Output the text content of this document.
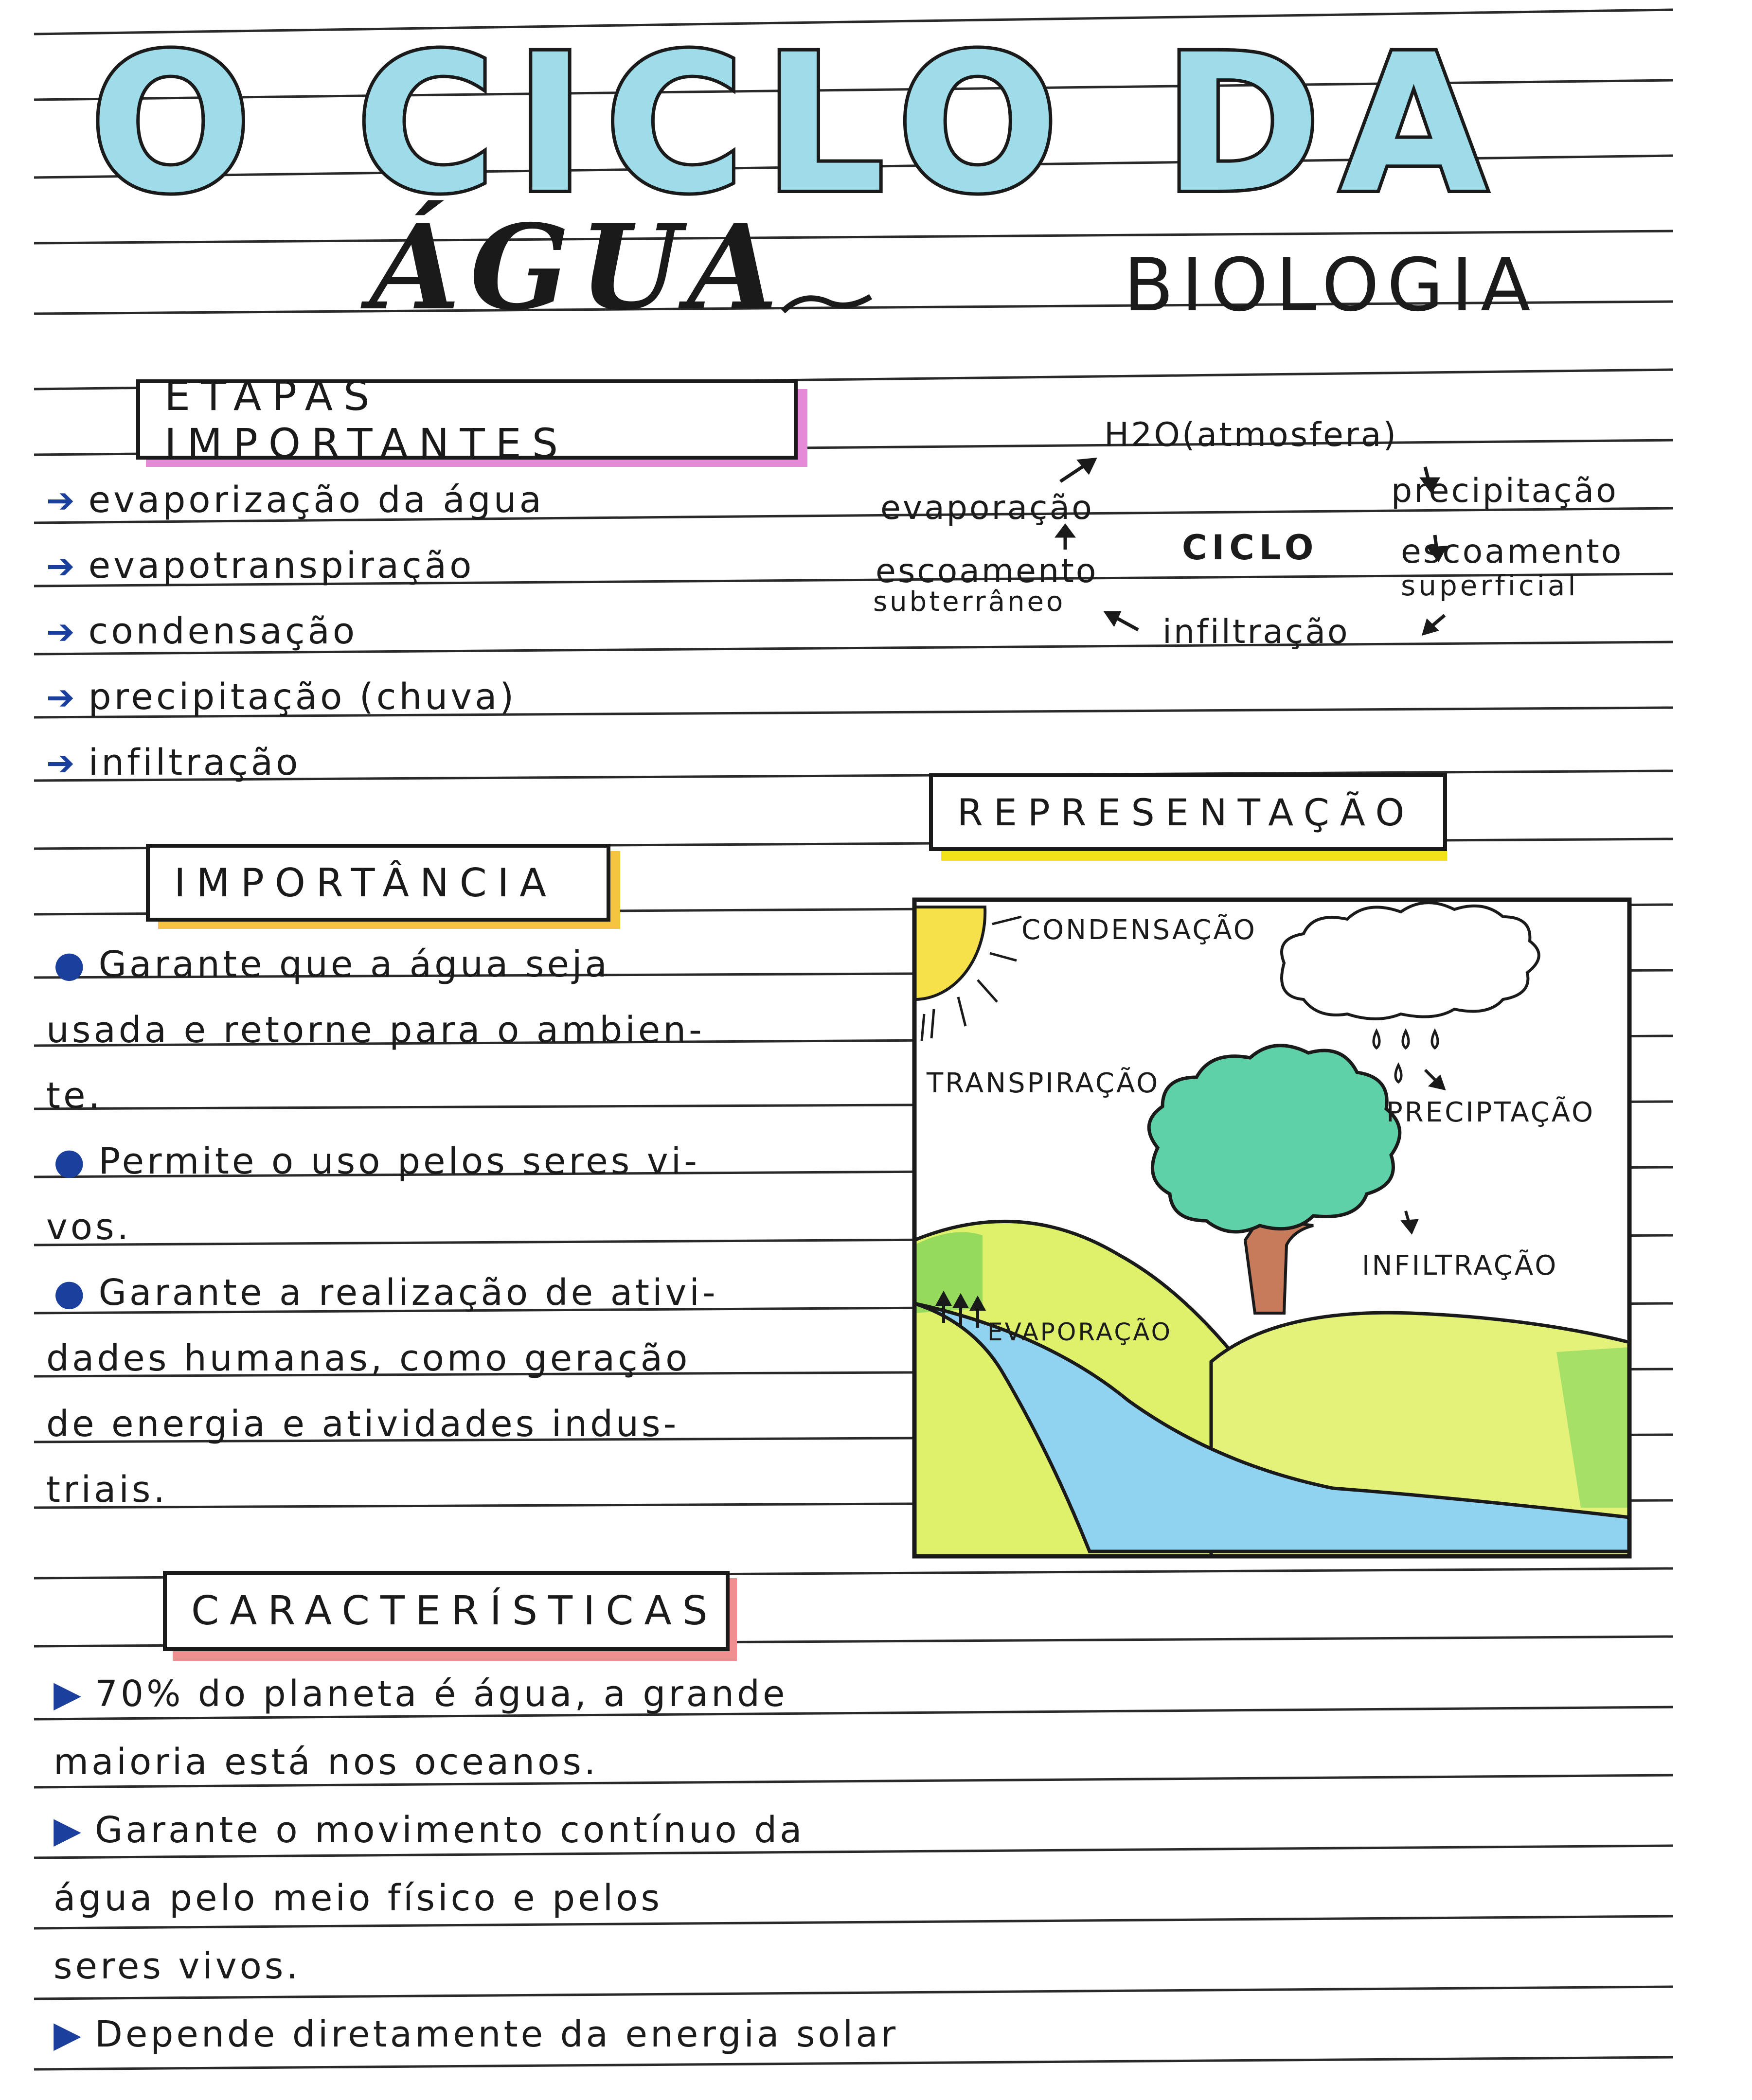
O CICLO DA
ÁGUA	BIOLOGIA
ETAPAS IMPORTANTES
➔ evaporização da água
➔ evapotranspiração
➔ condensação
➔ precipitação (chuva)
➔ infiltração
H2O(atmosfera)
evaporação	precipitação
CICLO
escoamento
subterrâneo
escoamento
superficial
infiltração
REPRESENTAÇÃO
CONDENSAÇÃO
TRANSPIRAÇÃO
PRECIPTAÇÃO
INFILTRAÇÃO
EVAPORAÇÃO
IMPORTÂNCIA
● Garante que a água seja
usada e retorne para o ambien-
te.
● Permite o uso pelos seres vi-
vos.
● Garante a realização de ativi-
dades humanas, como geração
de energia e atividades indus-
triais.
CARACTERÍSTICAS
▶ 70% do planeta é água, a grande
maioria está nos oceanos.
▶ Garante o movimento contínuo da
água pelo meio físico e pelos
seres vivos.
▶ Depende diretamente da energia solar
